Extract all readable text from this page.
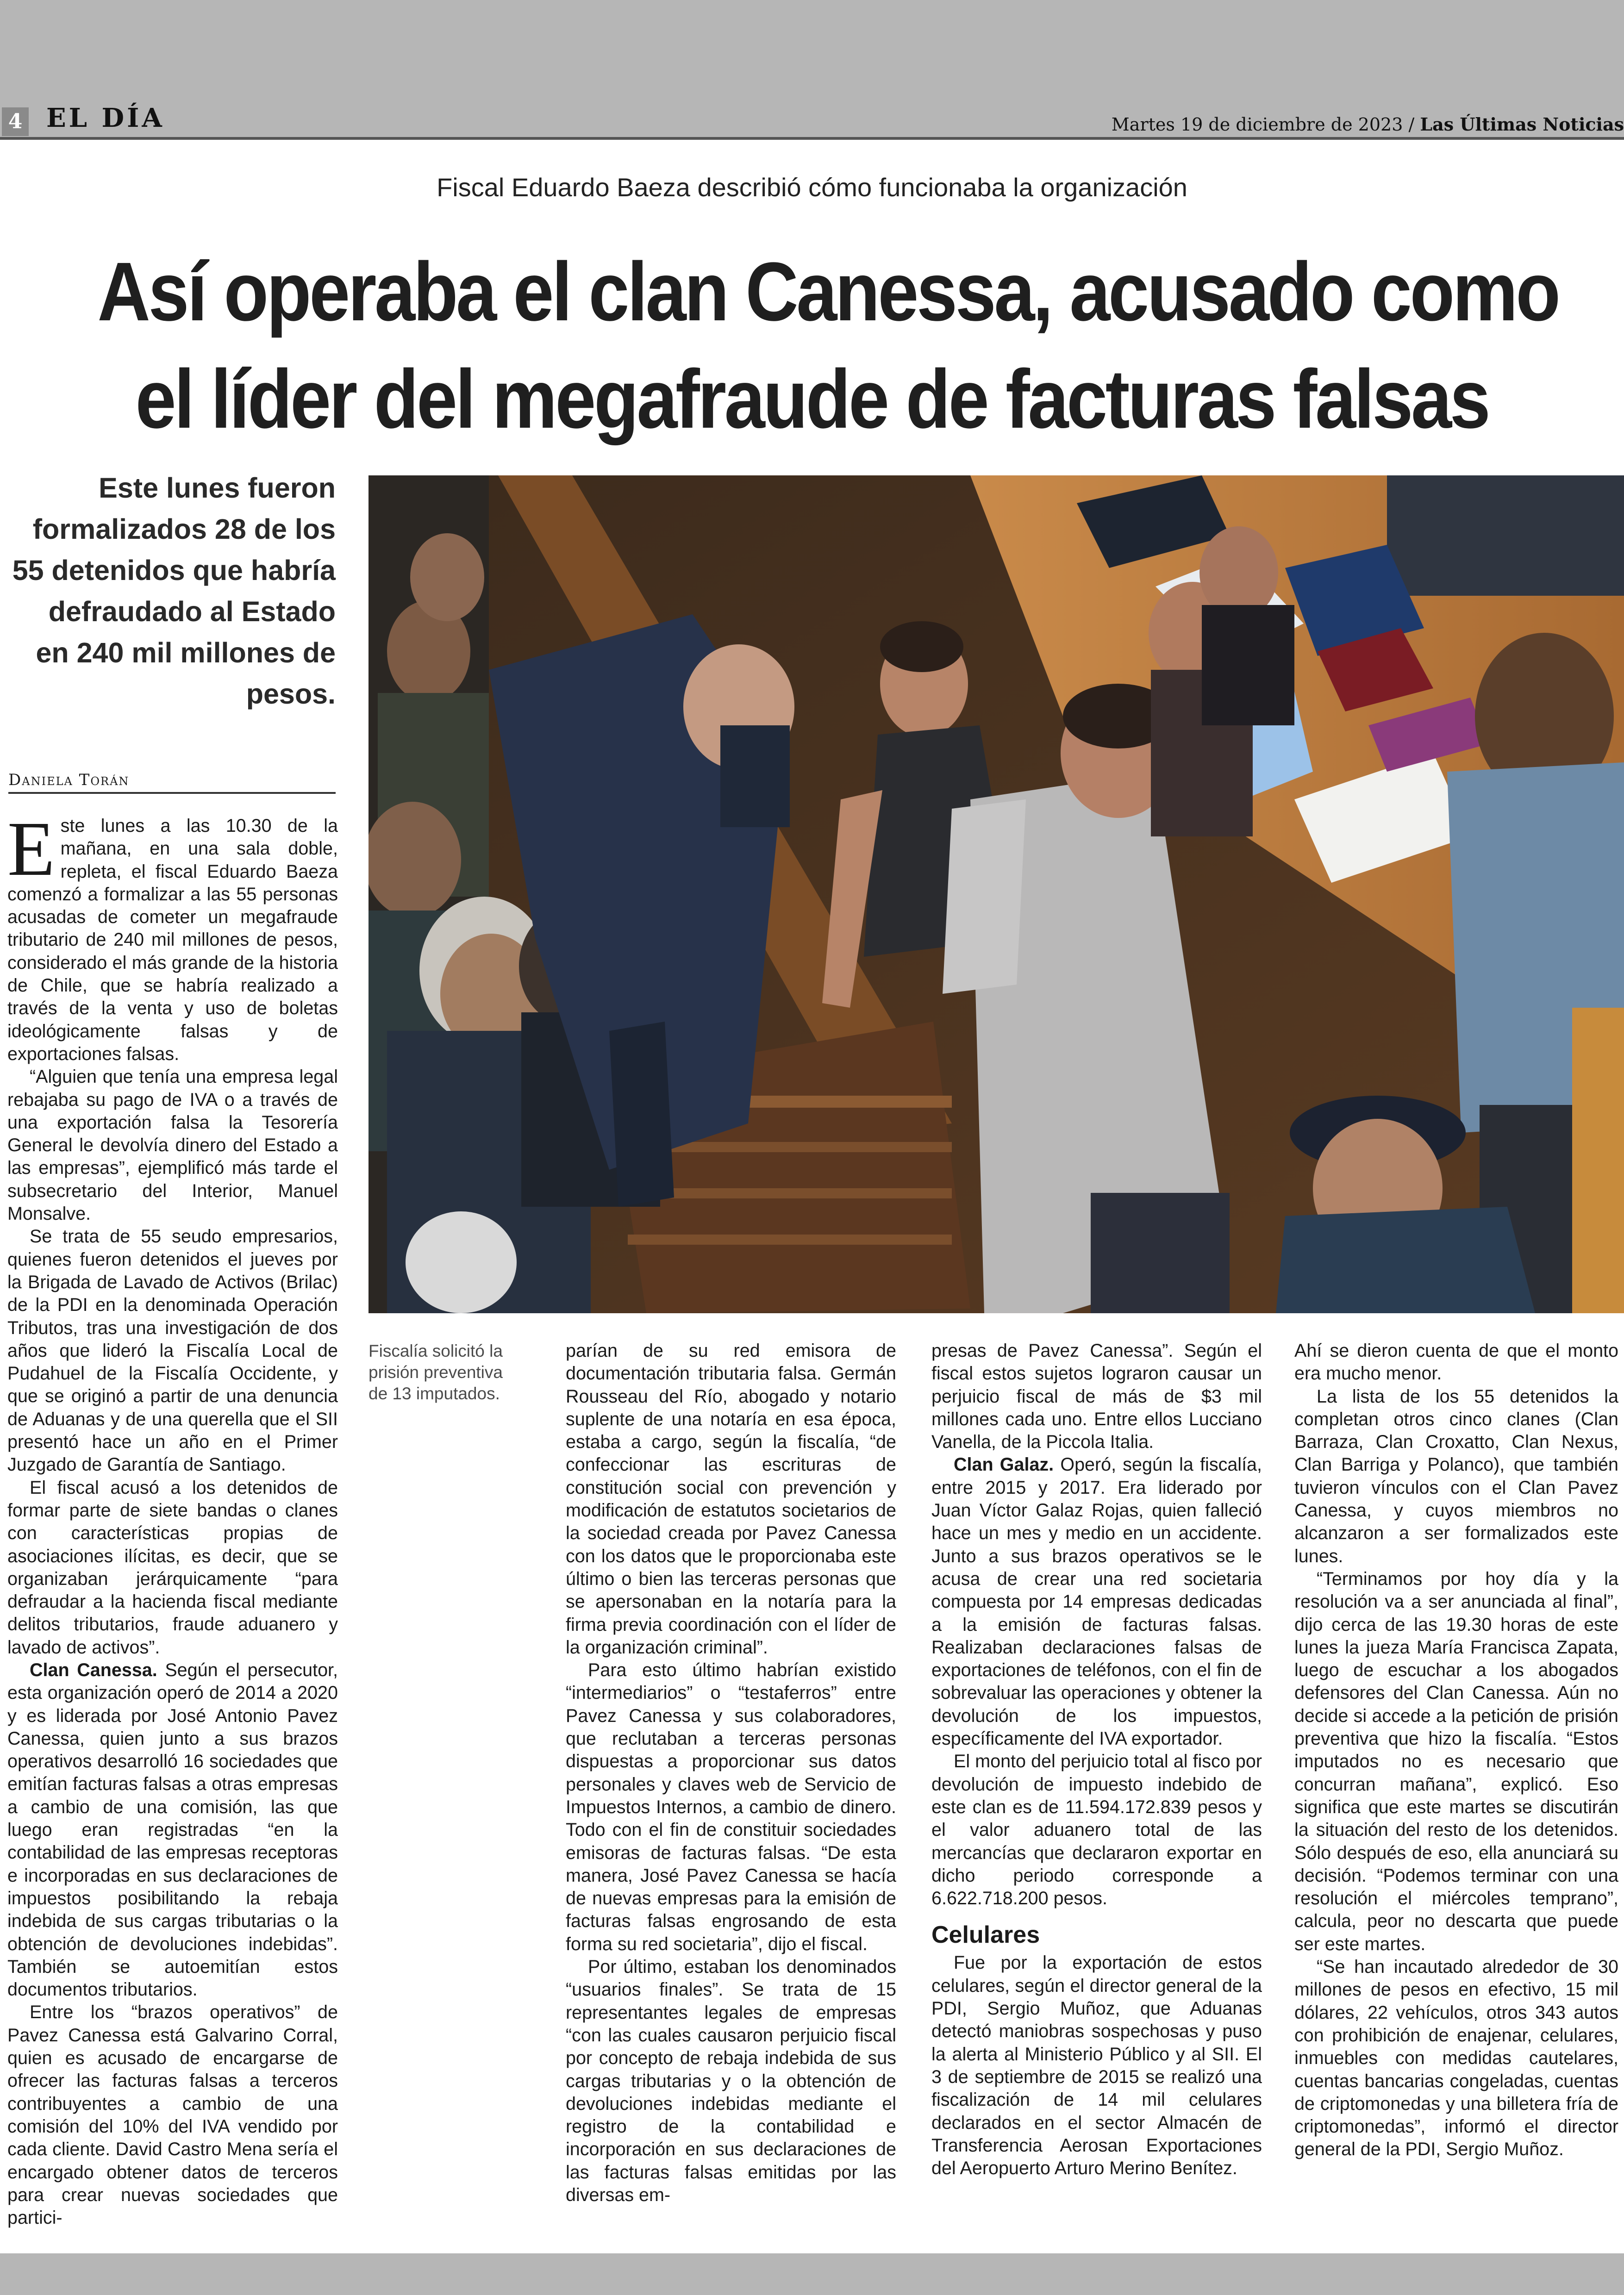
4 EL DÍA	Martes 19 de diciembre de 2023 / Las Últimas Noticias
Fiscal Eduardo Baeza describió cómo funcionaba la organización
Así operaba el clan Canessa, acusado como
el líder del megafraude de facturas falsas
Este lunes fueron formalizados 28 de los 55 detenidos que habría defraudado al Estado en 240 mil millones de pesos.
Daniela Torán
Fiscalía solicitó la prisión preventiva de 13 imputados.

Este lunes a las 10.30 de la mañana, en una sala doble, repleta, el fiscal Eduardo Baeza comenzó a formalizar a las 55 personas acusadas de cometer un megafraude tributario de 240 mil millones de pesos, considerado el más grande de la historia de Chile, que se habría realizado a través de la venta y uso de boletas ideológicamente falsas y de exportaciones falsas.

“Alguien que tenía una empresa legal rebajaba su pago de IVA o a través de una exportación falsa la Tesorería General le devolvía dinero del Estado a las empresas”, ejemplificó más tarde el subsecretario del Interior, Manuel Monsalve.

Se trata de 55 seudo empresarios, quienes fueron detenidos el jueves por la Brigada de Lavado de Activos (Brilac) de la PDI en la denominada Operación Tributos, tras una investigación de dos años que lideró la Fiscalía Local de Pudahuel de la Fiscalía Occidente, y que se originó a partir de una denuncia de Aduanas y de una querella que el SII presentó hace un año en el Primer Juzgado de Garantía de Santiago.

El fiscal acusó a los detenidos de formar parte de siete bandas o clanes con características propias de asociaciones ilícitas, es decir, que se organizaban jerárquicamente “para defraudar a la hacienda fiscal mediante delitos tributarios, fraude aduanero y lavado de activos”.

Clan Canessa. Según el persecutor, esta organización operó de 2014 a 2020 y es liderada por José Antonio Pavez Canessa, quien junto a sus brazos operativos desarrolló 16 sociedades que emitían facturas falsas a otras empresas a cambio de una comisión, las que luego eran registradas “en la contabilidad de las empresas receptoras e incorporadas en sus declaraciones de impuestos posibilitando la rebaja indebida de sus cargas tributarias o la obtención de devoluciones indebidas”. También se autoemitían estos documentos tributarios.

Entre los “brazos operativos” de Pavez Canessa está Galvarino Corral, quien es acusado de encargarse de ofrecer las facturas falsas a terceros contribuyentes a cambio de una comisión del 10% del IVA vendido por cada cliente. David Castro Mena sería el encargado obtener datos de terceros para crear nuevas sociedades que partici-

parían de su red emisora de documentación tributaria falsa. Germán Rousseau del Río, abogado y notario suplente de una notaría en esa época, estaba a cargo, según la fiscalía, “de confeccionar las escrituras de constitución social con prevención y modificación de estatutos societarios de la sociedad creada por Pavez Canessa con los datos que le proporcionaba este último o bien las terceras personas que se apersonaban en la notaría para la firma previa coordinación con el líder de la organización criminal”.

Para esto último habrían existido “intermediarios” o “testaferros” entre Pavez Canessa y sus colaboradores, que reclutaban a terceras personas dispuestas a proporcionar sus datos personales y claves web de Servicio de Impuestos Internos, a cambio de dinero. Todo con el fin de constituir sociedades emisoras de facturas falsas. “De esta manera, José Pavez Canessa se hacía de nuevas empresas para la emisión de facturas falsas engrosando de esta forma su red societaria”, dijo el fiscal.

Por último, estaban los denominados “usuarios finales”. Se trata de 15 representantes legales de empresas “con las cuales causaron perjuicio fiscal por concepto de rebaja indebida de sus cargas tributarias y o la obtención de devoluciones indebidas mediante el registro de la contabilidad e incorporación en sus declaraciones de las facturas falsas emitidas por las diversas em-

presas de Pavez Canessa”. Según el fiscal estos sujetos lograron causar un perjuicio fiscal de más de $3 mil millones cada uno. Entre ellos Lucciano Vanella, de la Piccola Italia.

Clan Galaz. Operó, según la fiscalía, entre 2015 y 2017. Era liderado por Juan Víctor Galaz Rojas, quien falleció hace un mes y medio en un accidente. Junto a sus brazos operativos se le acusa de crear una red societaria compuesta por 14 empresas dedicadas a la emisión de facturas falsas. Realizaban declaraciones falsas de exportaciones de teléfonos, con el fin de sobrevaluar las operaciones y obtener la devolución de los impuestos, específicamente del IVA exportador.

El monto del perjuicio total al fisco por devolución de impuesto indebido de este clan es de 11.594.172.839 pesos y el valor aduanero total de las mercancías que declararon exportar en dicho periodo corresponde a 6.622.718.200 pesos.

Celulares

Fue por la exportación de estos celulares, según el director general de la PDI, Sergio Muñoz, que Aduanas detectó maniobras sospechosas y puso la alerta al Ministerio Público y al SII. El 3 de septiembre de 2015 se realizó una fiscalización de 14 mil celulares declarados en el sector Almacén de Transferencia Aerosan Exportaciones del Aeropuerto Arturo Merino Benítez.

Ahí se dieron cuenta de que el monto era mucho menor.

La lista de los 55 detenidos la completan otros cinco clanes (Clan Barraza, Clan Croxatto, Clan Nexus, Clan Barriga y Polanco), que también tuvieron vínculos con el Clan Pavez Canessa, y cuyos miembros no alcanzaron a ser formalizados este lunes.

“Terminamos por hoy día y la resolución va a ser anunciada al final”, dijo cerca de las 19.30 horas de este lunes la jueza María Francisca Zapata, luego de escuchar a los abogados defensores del Clan Canessa. Aún no decide si accede a la petición de prisión preventiva que hizo la fiscalía. “Estos imputados no es necesario que concurran mañana”, explicó. Eso significa que este martes se discutirán la situación del resto de los detenidos. Sólo después de eso, ella anunciará su decisión. “Podemos terminar con una resolución el miércoles temprano”, calcula, peor no descarta que puede ser este martes.

“Se han incautado alrededor de 30 millones de pesos en efectivo, 15 mil dólares, 22 vehículos, otros 343 autos con prohibición de enajenar, celulares, inmuebles con medidas cautelares, cuentas bancarias congeladas, cuentas de criptomonedas y una billetera fría de criptomonedas”, informó el director general de la PDI, Sergio Muñoz.
